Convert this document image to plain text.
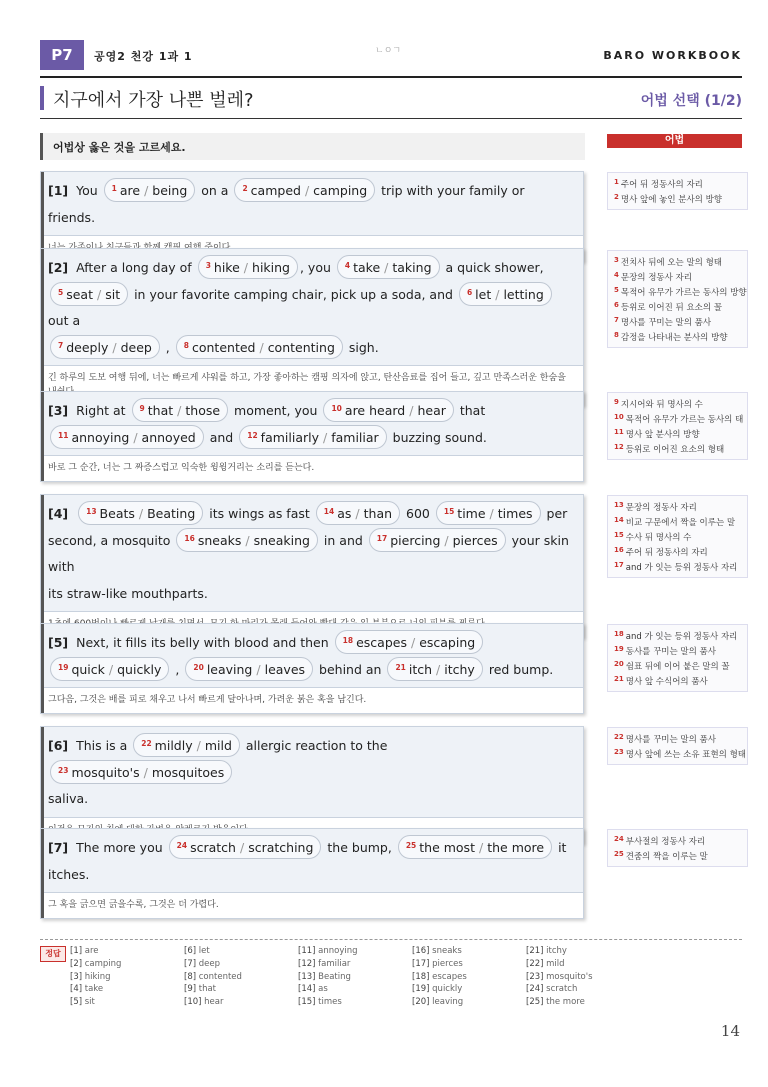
P7	공영2 천강 1과 1	ㄴㅇㄱ	BARO WORKBOOK
지구에서 가장 나쁜 벌레?	어법 선택 (1/2)
어법상 옳은 것을 고르세요.
어법
[1] You $^1$ are / being on a $^2$ camped / camping trip with your family or friends.
[2] After a long day of $^3$ hike / hiking , you $^4$ take / taking a quick shower,
$^5$ seat / sit in your favorite camping chair, pick up a soda, and $^6$ let / letting out a
$^7$ deeply / deep , $^8$ contented / contenting sigh.
긴 하루의 도보 여행 뒤에, 너는 빠르게 샤워를 하고, 가장 좋아하는 캠핑 의자에 앉고, 탄산음료를 집어 들고, 깊고 만족스러운 한숨을
[3] Right at $^9$ that / those moment, you $^{10}$ are heard / hear that
$^{11}$ annoying / annoyed and $^{12}$ familiarly / familiar buzzing sound.
바로 그 순간, 너는 그 짜증스럽고 익숙한 윙윙거리는 소리를 듣는다.
[4] $^{13}$ Beats / Beating its wings as fast $^{14}$ as / than 600 $^{15}$ time / times per
second, a mosquito $^{16}$ sneaks / sneaking in and $^{17}$ piercing / pierces your skin with
its straw-like mouthparts.
[5] Next, it fills its belly with blood and then $^{18}$ escapes / escaping
$^{19}$ quick / quickly , $^{20}$ leaving / leaves behind an $^{21}$ itch / itchy red bump.
그다음, 그것은 배를 피로 채우고 나서 빠르게 달아나며, 가려운 붉은 혹을 남긴다.
[6] This is a $^{22}$ mildly / mild allergic reaction to the $^{23}$ mosquito's / mosquitoes
saliva.
[7] The more you $^{24}$ scratch / scratching the bump, $^{25}$ the most / the more it
itches.
그 혹을 긁으면 긁을수록, 그것은 더 가렵다.
$^1$ 주어 뒤 정동사의 자리
$^2$ 명사 앞에 놓인 분사의 방향
$^3$ 전치사 뒤에 오는 말의 형태
$^4$ 문장의 정동사 자리
$^5$ 목적어 유무가 가르는 동사의 방향
$^6$ 등위로 이어진 뒤 요소의 꼴
$^7$ 명사를 꾸미는 말의 품사
$^8$ 감정을 나타내는 분사의 방향
$^9$ 지시어와 뒤 명사의 수
$^{10}$ 목적어 유무가 가르는 동사의 태
$^{11}$ 명사 앞 분사의 방향
$^{12}$ 등위로 이어진 요소의 형태
$^{13}$ 문장의 정동사 자리
$^{14}$ 비교 구문에서 짝을 이루는 말
$^{15}$ 수사 뒤 명사의 수
$^{16}$ 주어 뒤 정동사의 자리
$^{17}$ and 가 잇는 등위 정동사 자리
$^{18}$ and 가 잇는 등위 정동사 자리
$^{19}$ 동사를 꾸미는 말의 품사
$^{20}$ 쉼표 뒤에 이어 붙은 말의 꼴
$^{21}$ 명사 앞 수식어의 품사
$^{22}$ 명사를 꾸미는 말의 품사
$^{23}$ 명사 앞에 쓰는 소유 표현의 형태
$^{24}$ 부사절의 정동사 자리
$^{25}$ 견줌의 짝을 이루는 말
정답	[1] are
[2] camping
[3] hiking
[4] take
[5] sit
[6] let
[7] deep
[8] contented
[9] that
[10] hear
[11] annoying
[12] familiar
[13] Beating
[14] as
[15] times
[16] sneaks
[17] pierces
[18] escapes
[19] quickly
[20] leaving
[21] itchy
[22] mild
[23] mosquito's
[24] scratch
[25] the more
14
